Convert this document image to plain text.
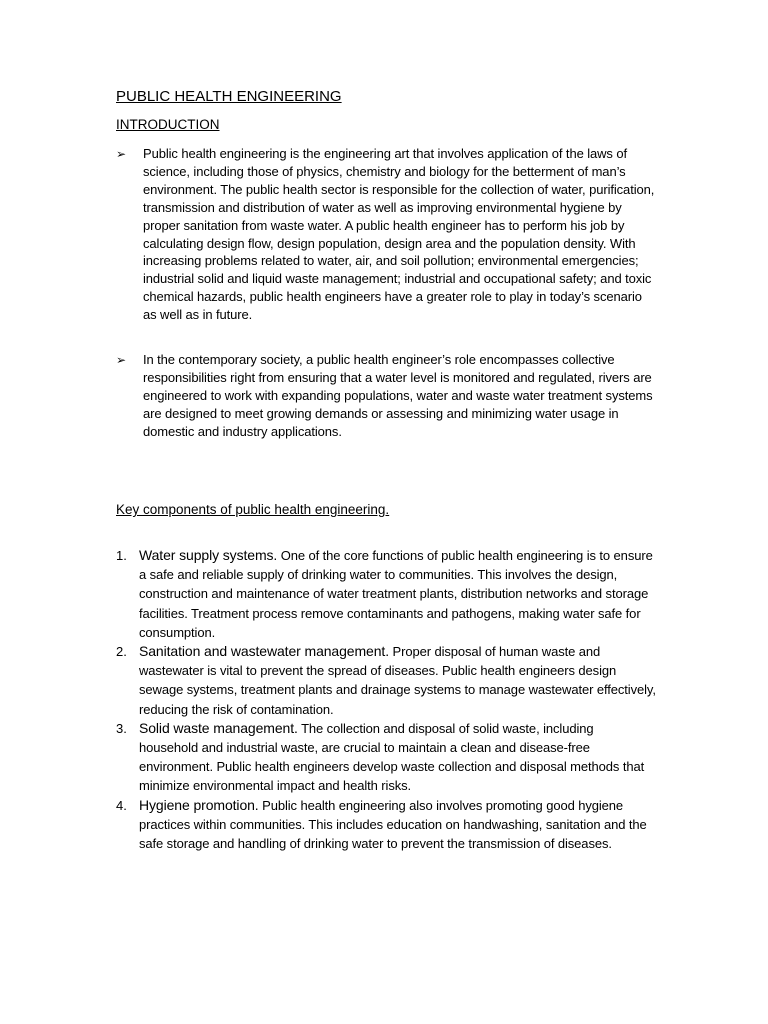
PUBLIC HEALTH ENGINEERING
INTRODUCTION
➢ Public health engineering is the engineering art that involves application of the laws of science, including those of physics, chemistry and biology for the betterment of man’s environment. The public health sector is responsible for the collection of water, purification, transmission and distribution of water as well as improving environmental hygiene by proper sanitation from waste water. A public health engineer has to perform his job by calculating design flow, design population, design area and the population density. With increasing problems related to water, air, and soil pollution; environmental emergencies; industrial solid and liquid waste management; industrial and occupational safety; and toxic chemical hazards, public health engineers have a greater role to play in today’s scenario as well as in future.
➢ In the contemporary society, a public health engineer’s role encompasses collective responsibilities right from ensuring that a water level is monitored and regulated, rivers are engineered to work with expanding populations, water and waste water treatment systems are designed to meet growing demands or assessing and minimizing water usage in domestic and industry applications.
Key components of public health engineering.
1. Water supply systems. One of the core functions of public health engineering is to ensure a safe and reliable supply of drinking water to communities. This involves the design, construction and maintenance of water treatment plants, distribution networks and storage facilities. Treatment process remove contaminants and pathogens, making water safe for consumption.
2. Sanitation and wastewater management. Proper disposal of human waste and wastewater is vital to prevent the spread of diseases. Public health engineers design sewage systems, treatment plants and drainage systems to manage wastewater effectively, reducing the risk of contamination.
3. Solid waste management. The collection and disposal of solid waste, including household and industrial waste, are crucial to maintain a clean and disease-free environment. Public health engineers develop waste collection and disposal methods that minimize environmental impact and health risks.
4. Hygiene promotion. Public health engineering also involves promoting good hygiene practices within communities. This includes education on handwashing, sanitation and the safe storage and handling of drinking water to prevent the transmission of diseases.
